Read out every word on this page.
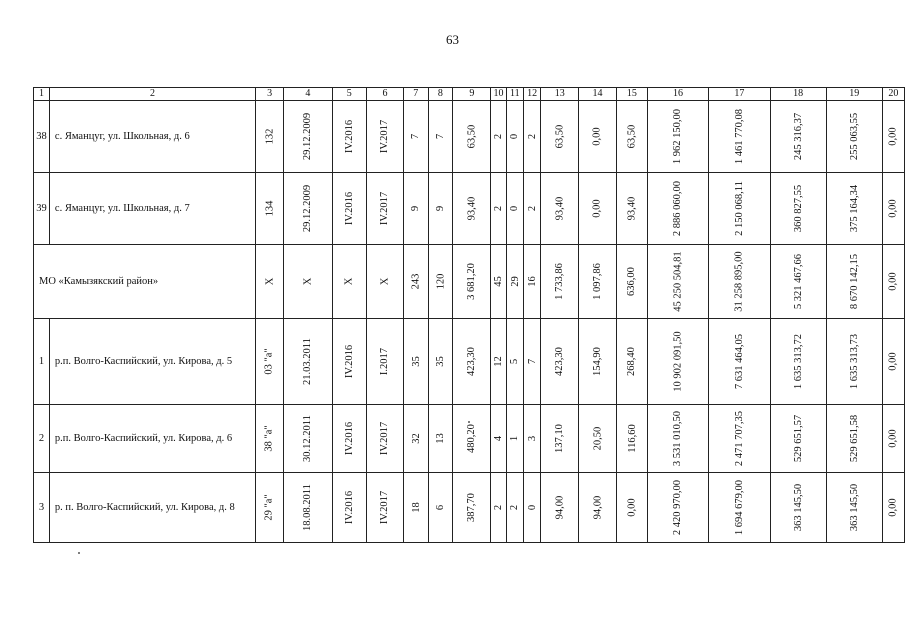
63
1	2	3	4	5	6	7	8	9	10	11	12	13	14	15	16	17	18	19	20
38	с. Яманцуг, ул. Школьная, д. 6	132	29.12.2009	IV.2016	IV.2017	7	7	63,50	2	0	2	63,50	0,00	63,50	1 962 150,00	1 461 770,08	245 316,37	255 063,55	0,00
39	с. Яманцуг, ул. Школьная, д. 7	134	29.12.2009	IV.2016	IV.2017	9	9	93,40	2	0	2	93,40	0,00	93,40	2 886 060,00	2 150 068,11	360 827,55	375 164,34	0,00
МО «Камызякский район»		X	X	X	X	243	120	3 681,20	45	29	16	1 733,86	1 097,86	636,00	45 250 504,81	31 258 895,00	5 321 467,66	8 670 142,15	0,00
1	р.п. Волго-Каспийский, ул. Кирова, д. 5	03 "а"	21.03.2011	IV.2016	I.2017	35	35	423,30	12	5	7	423,30	154,90	268,40	10 902 091,50	7 631 464,05	1 635 313,72	1 635 313,73	0,00
2	р.п. Волго-Каспийский, ул. Кирова, д. 6	38 "а"	30.12.2011	IV.2016	IV.2017	32	13	480,20	4	1	3	137,10	20,50	116,60	3 531 010,50	2 471 707,35	529 651,57	529 651,58	0,00
3	р. п. Волго-Каспийский, ул. Кирова, д. 8	29 "а"	18.08.2011	IV.2016	IV.2017	18	6	387,70	2	2	0	94,00	94,00	0,00	2 420 970,00	1 694 679,00	363 145,50	363 145,50	0,00
